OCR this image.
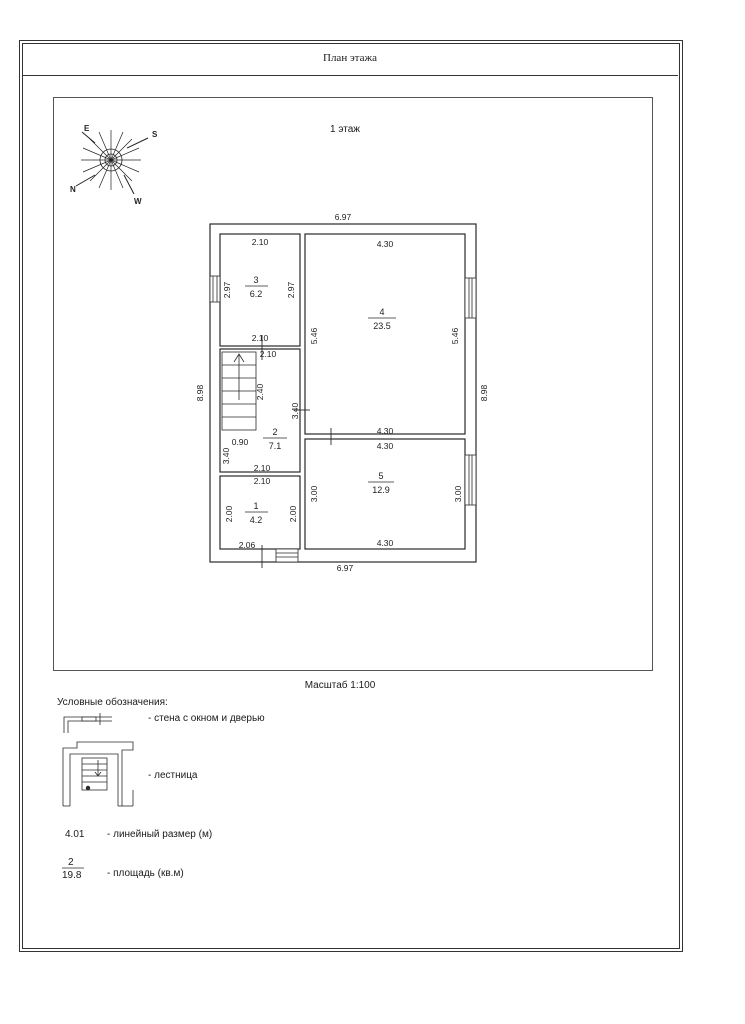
План этажа
1 этаж
E
S
N
W
6.97
6.97
8.98	8.98
2.10
2.97	2.97
2.10
3
6.2
4.30
5.46	5.46
4.30
4
23.5
2.10
2.40
3.40
3.40
0.90
2.10
2
7.1
2.10
2.00	2.00
2.06
1
4.2
4.30
3.00	3.00
4.30
5
12.9
Масштаб 1:100
Условные обозначения:
- стена с окном и дверью
- лестница
4.01 - линейный размер (м)
2
19.8	- площадь (кв.м)
